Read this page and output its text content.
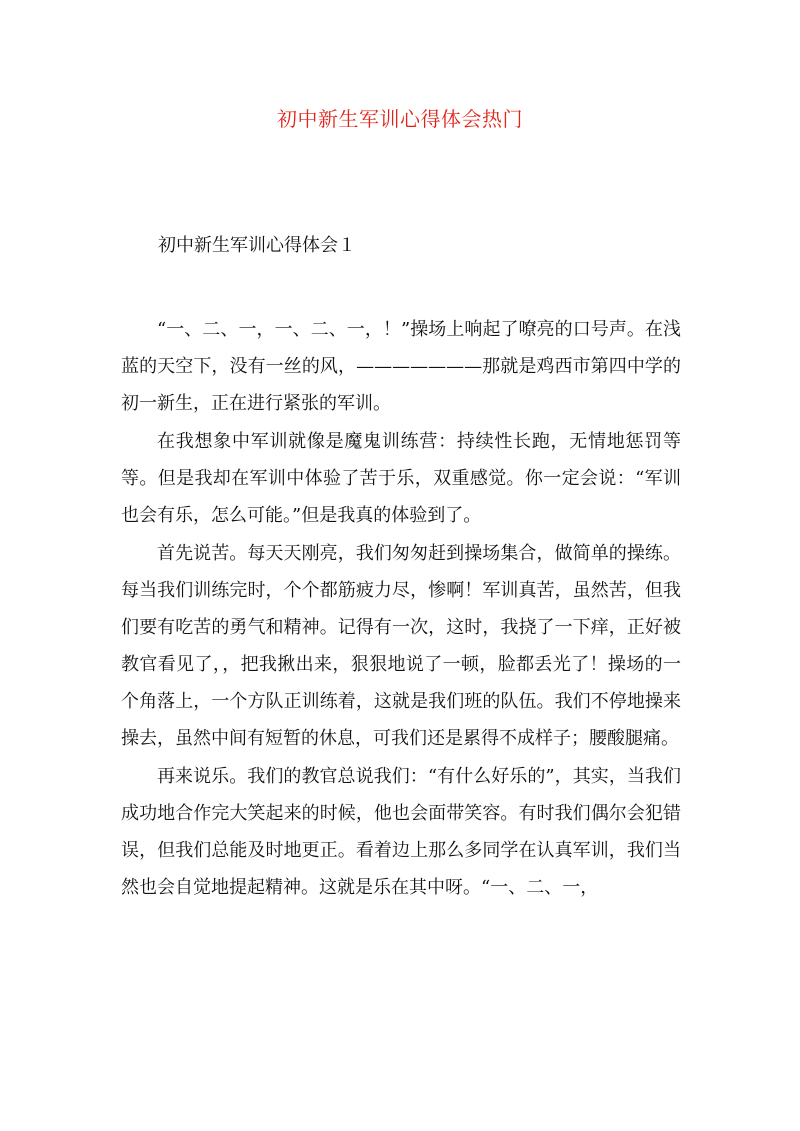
初中新生军训心得体会热门
初中新生军训心得体会１

“一、二、一，一、二、一，！”操场上响起了嘹亮的口号声。在浅蓝的天空下，没有一丝的风，———————那就是鸡西市第四中学的初一新生，正在进行紧张的军训。

在我想象中军训就像是魔鬼训练营：持续性长跑，无情地惩罚等等。但是我却在军训中体验了苦于乐，双重感觉。你一定会说：“军训也会有乐，怎么可能。”但是我真的体验到了。

首先说苦。每天天刚亮，我们匆匆赶到操场集合，做简单的操练。每当我们训练完时，个个都筋疲力尽，惨啊！军训真苦，虽然苦，但我们要有吃苦的勇气和精神。记得有一次，这时，我挠了一下痒，正好被教官看见了，，把我揪出来，狠狠地说了一顿，脸都丢光了！操场的一个角落上，一个方队正训练着，这就是我们班的队伍。我们不停地操来操去，虽然中间有短暂的休息，可我们还是累得不成样子；腰酸腿痛。

再来说乐。我们的教官总说我们：“有什么好乐的”，其实，当我们成功地合作完大笑起来的时候，他也会面带笑容。有时我们偶尔会犯错误，但我们总能及时地更正。看着边上那么多同学在认真军训，我们当然也会自觉地提起精神。这就是乐在其中呀。“一、二、一，
